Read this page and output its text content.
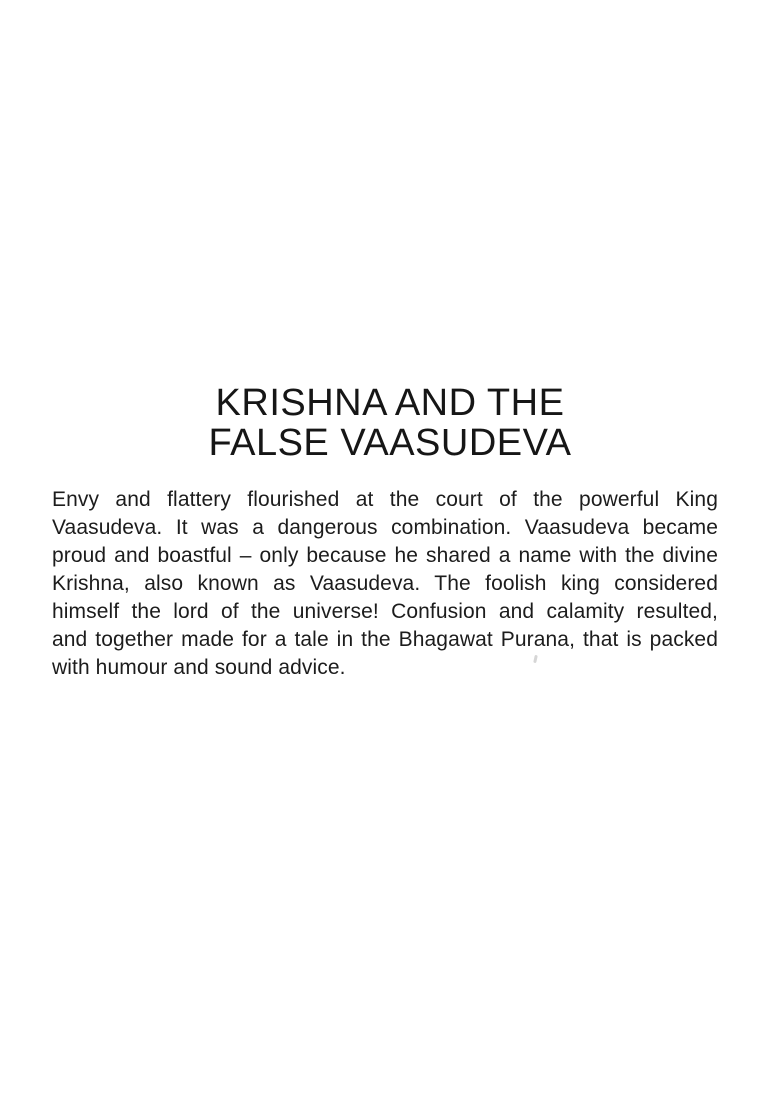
KRISHNA AND THE
FALSE VAASUDEVA
Envy and flattery flourished at the court of the powerful King
Vaasudeva. It was a dangerous combination. Vaasudeva became
proud and boastful – only because he shared a name with the divine
Krishna, also known as Vaasudeva. The foolish king considered
himself the lord of the universe! Confusion and calamity resulted,
and together made for a tale in the Bhagawat Purana, that is packed
with humour and sound advice.
